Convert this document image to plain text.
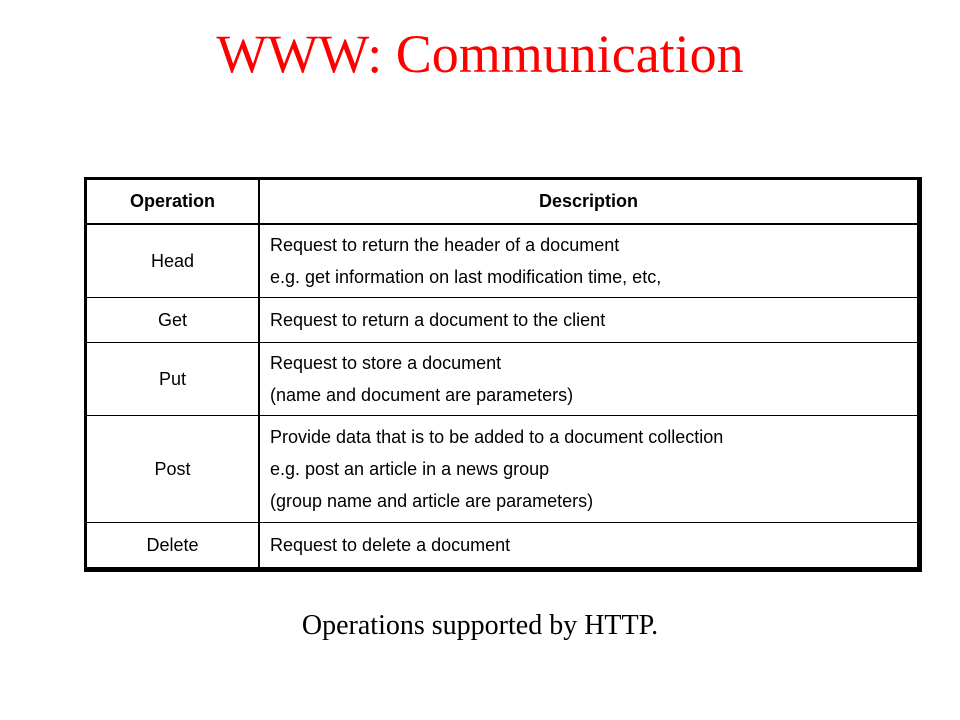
WWW: Communication
Operation	Description
Head	Request to return the header of a document
e.g. get information on last modification time, etc,

Get	Request to return a document to the client

Put	Request to store a document
(name and document are parameters)

Post	Provide data that is to be added to a document collection
e.g. post an article in a news group
(group name and article are parameters)

Delete	Request to delete a document
Operations supported by HTTP.
